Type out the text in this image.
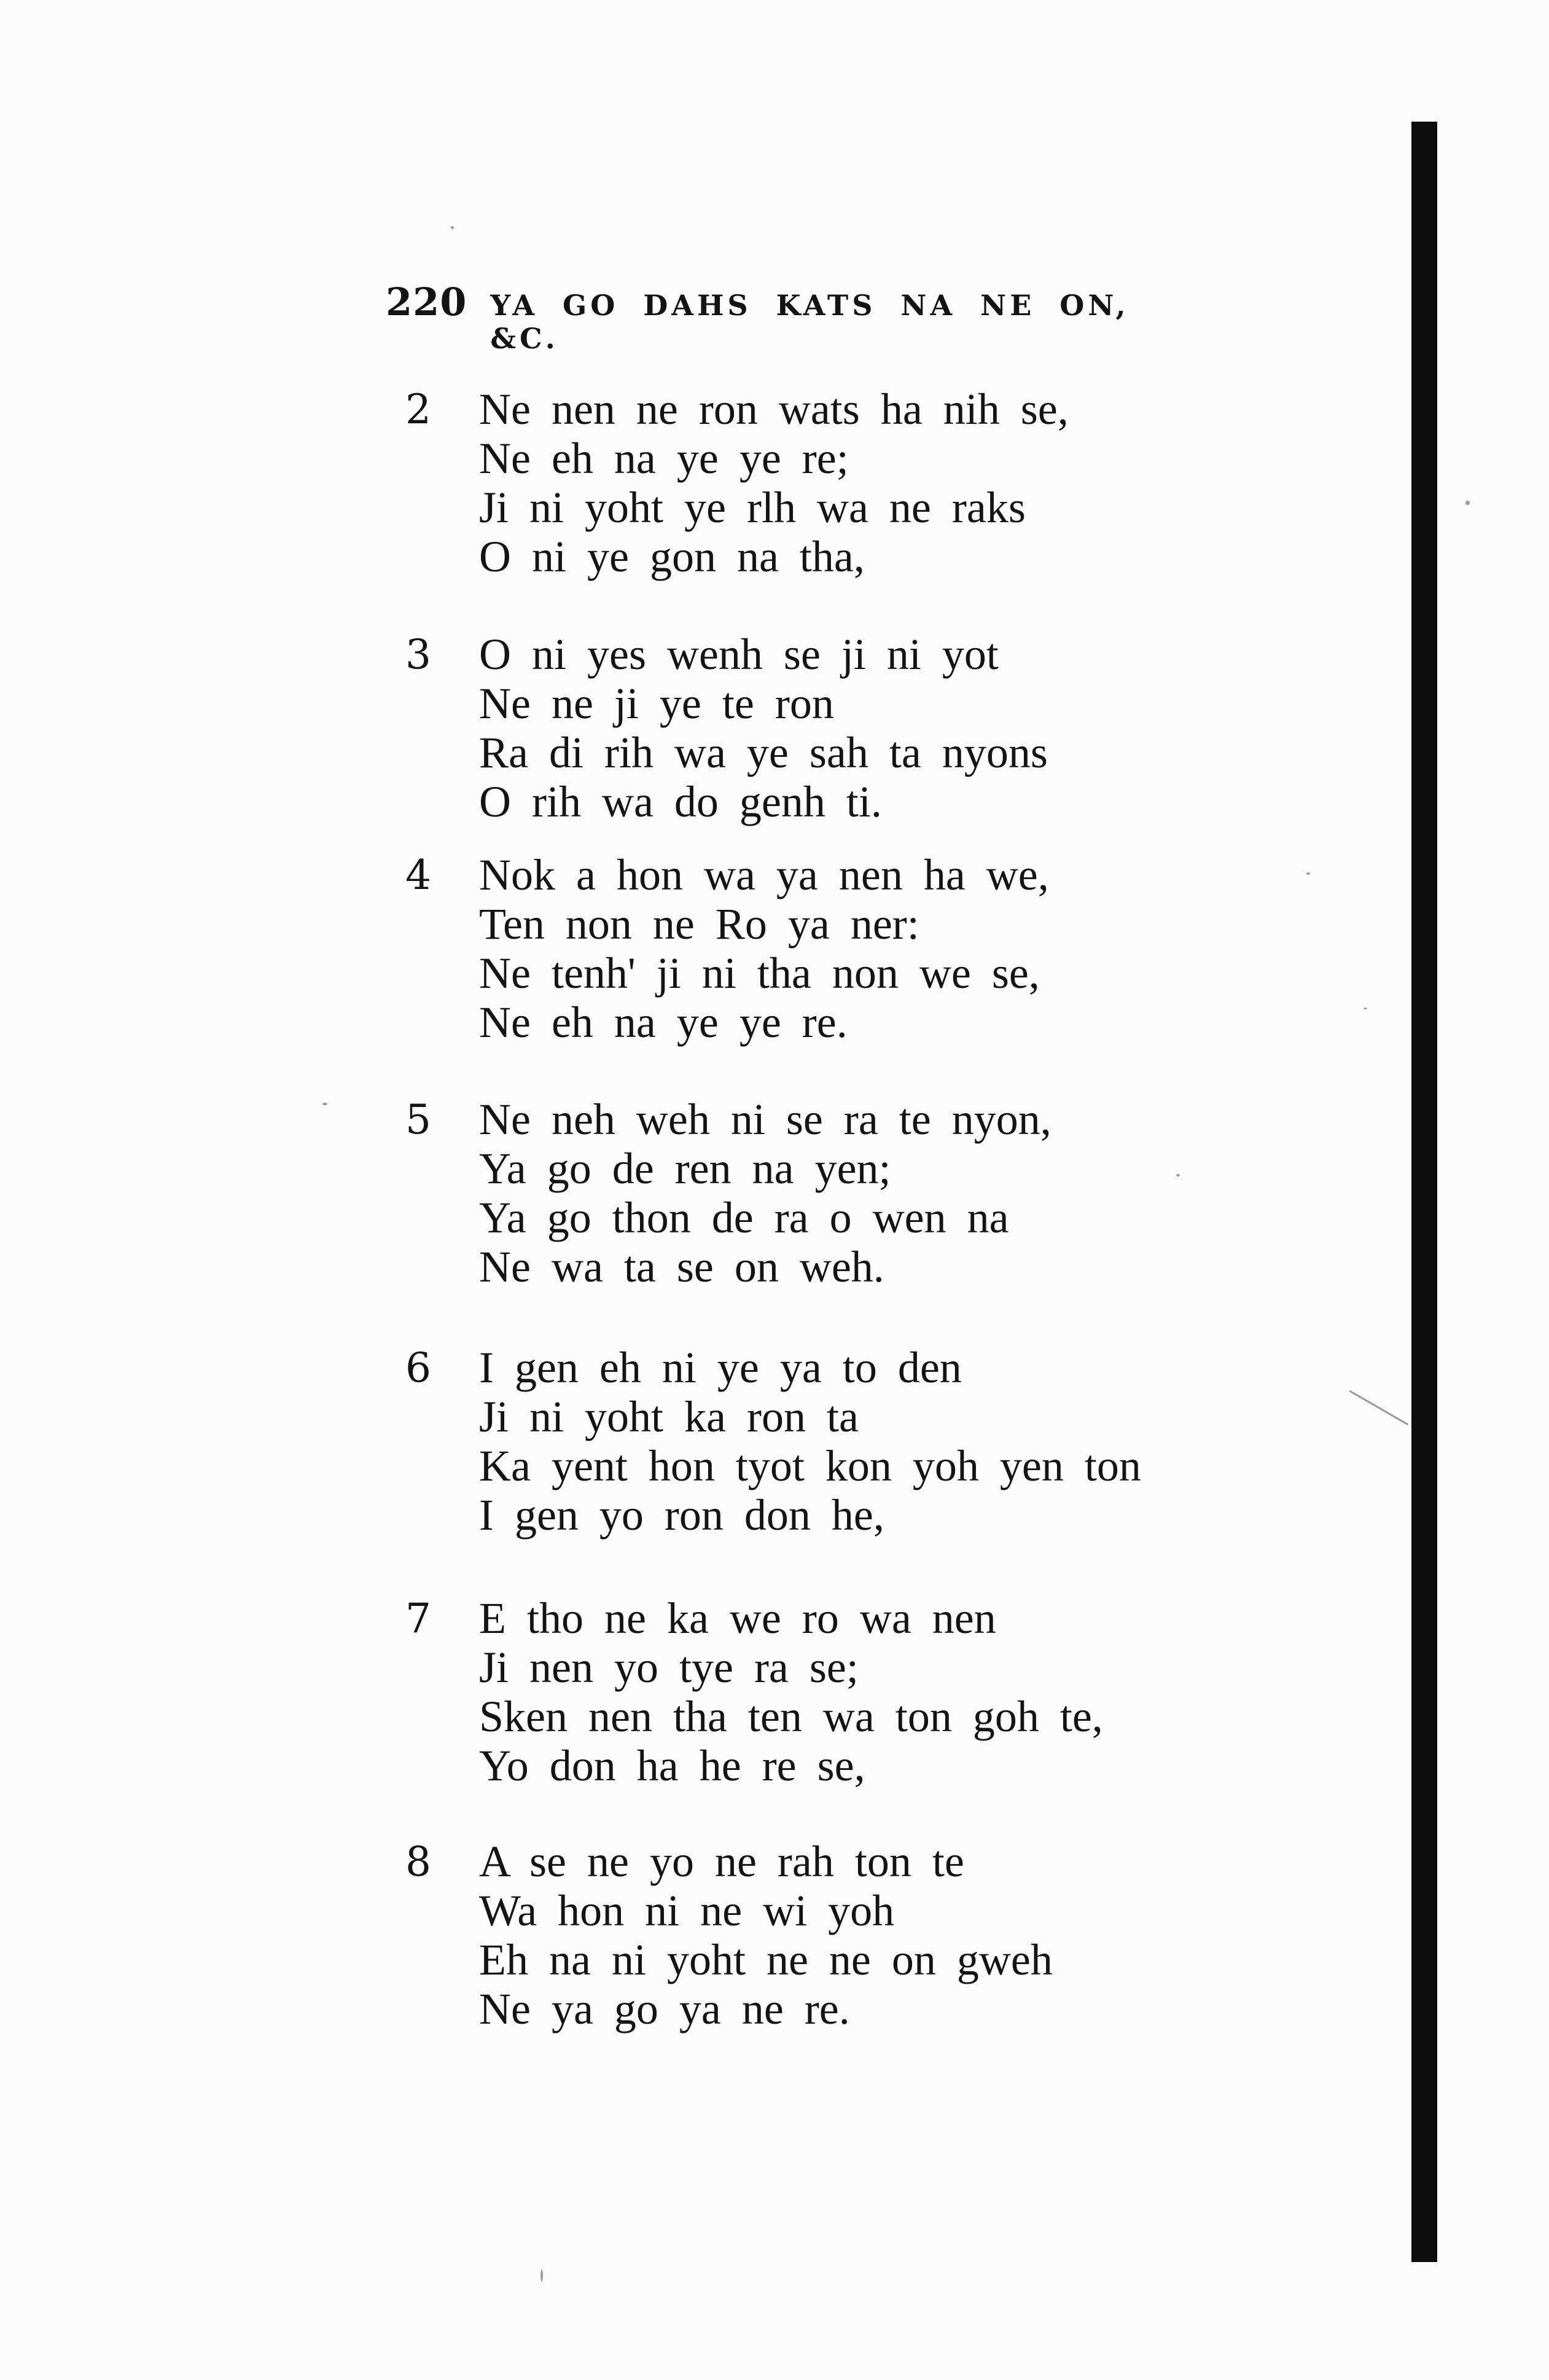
220 YA GO DAHS KATS NA NE ON, &C.
2 Ne nen ne ron wats ha nih se,
Ne eh na ye ye re;
Ji ni yoht ye rlh wa ne raks
O ni ye gon na tha,
3 O ni yes wenh se ji ni yot
Ne ne ji ye te ron
Ra di rih wa ye sah ta nyons
O rih wa do genh ti.
4 Nok a hon wa ya nen ha we,
Ten non ne Ro ya ner:
Ne tenh' ji ni tha non we se,
Ne eh na ye ye re.
5 Ne neh weh ni se ra te nyon,
Ya go de ren na yen;
Ya go thon de ra o wen na
Ne wa ta se on weh.
6 I gen eh ni ye ya to den
Ji ni yoht ka ron ta
Ka yent hon tyot kon yoh yen ton
I gen yo ron don he,
7 E tho ne ka we ro wa nen
Ji nen yo tye ra se;
Sken nen tha ten wa ton goh te,
Yo don ha he re se,
8 A se ne yo ne rah ton te
Wa hon ni ne wi yoh
Eh na ni yoht ne ne on gweh
Ne ya go ya ne re.
